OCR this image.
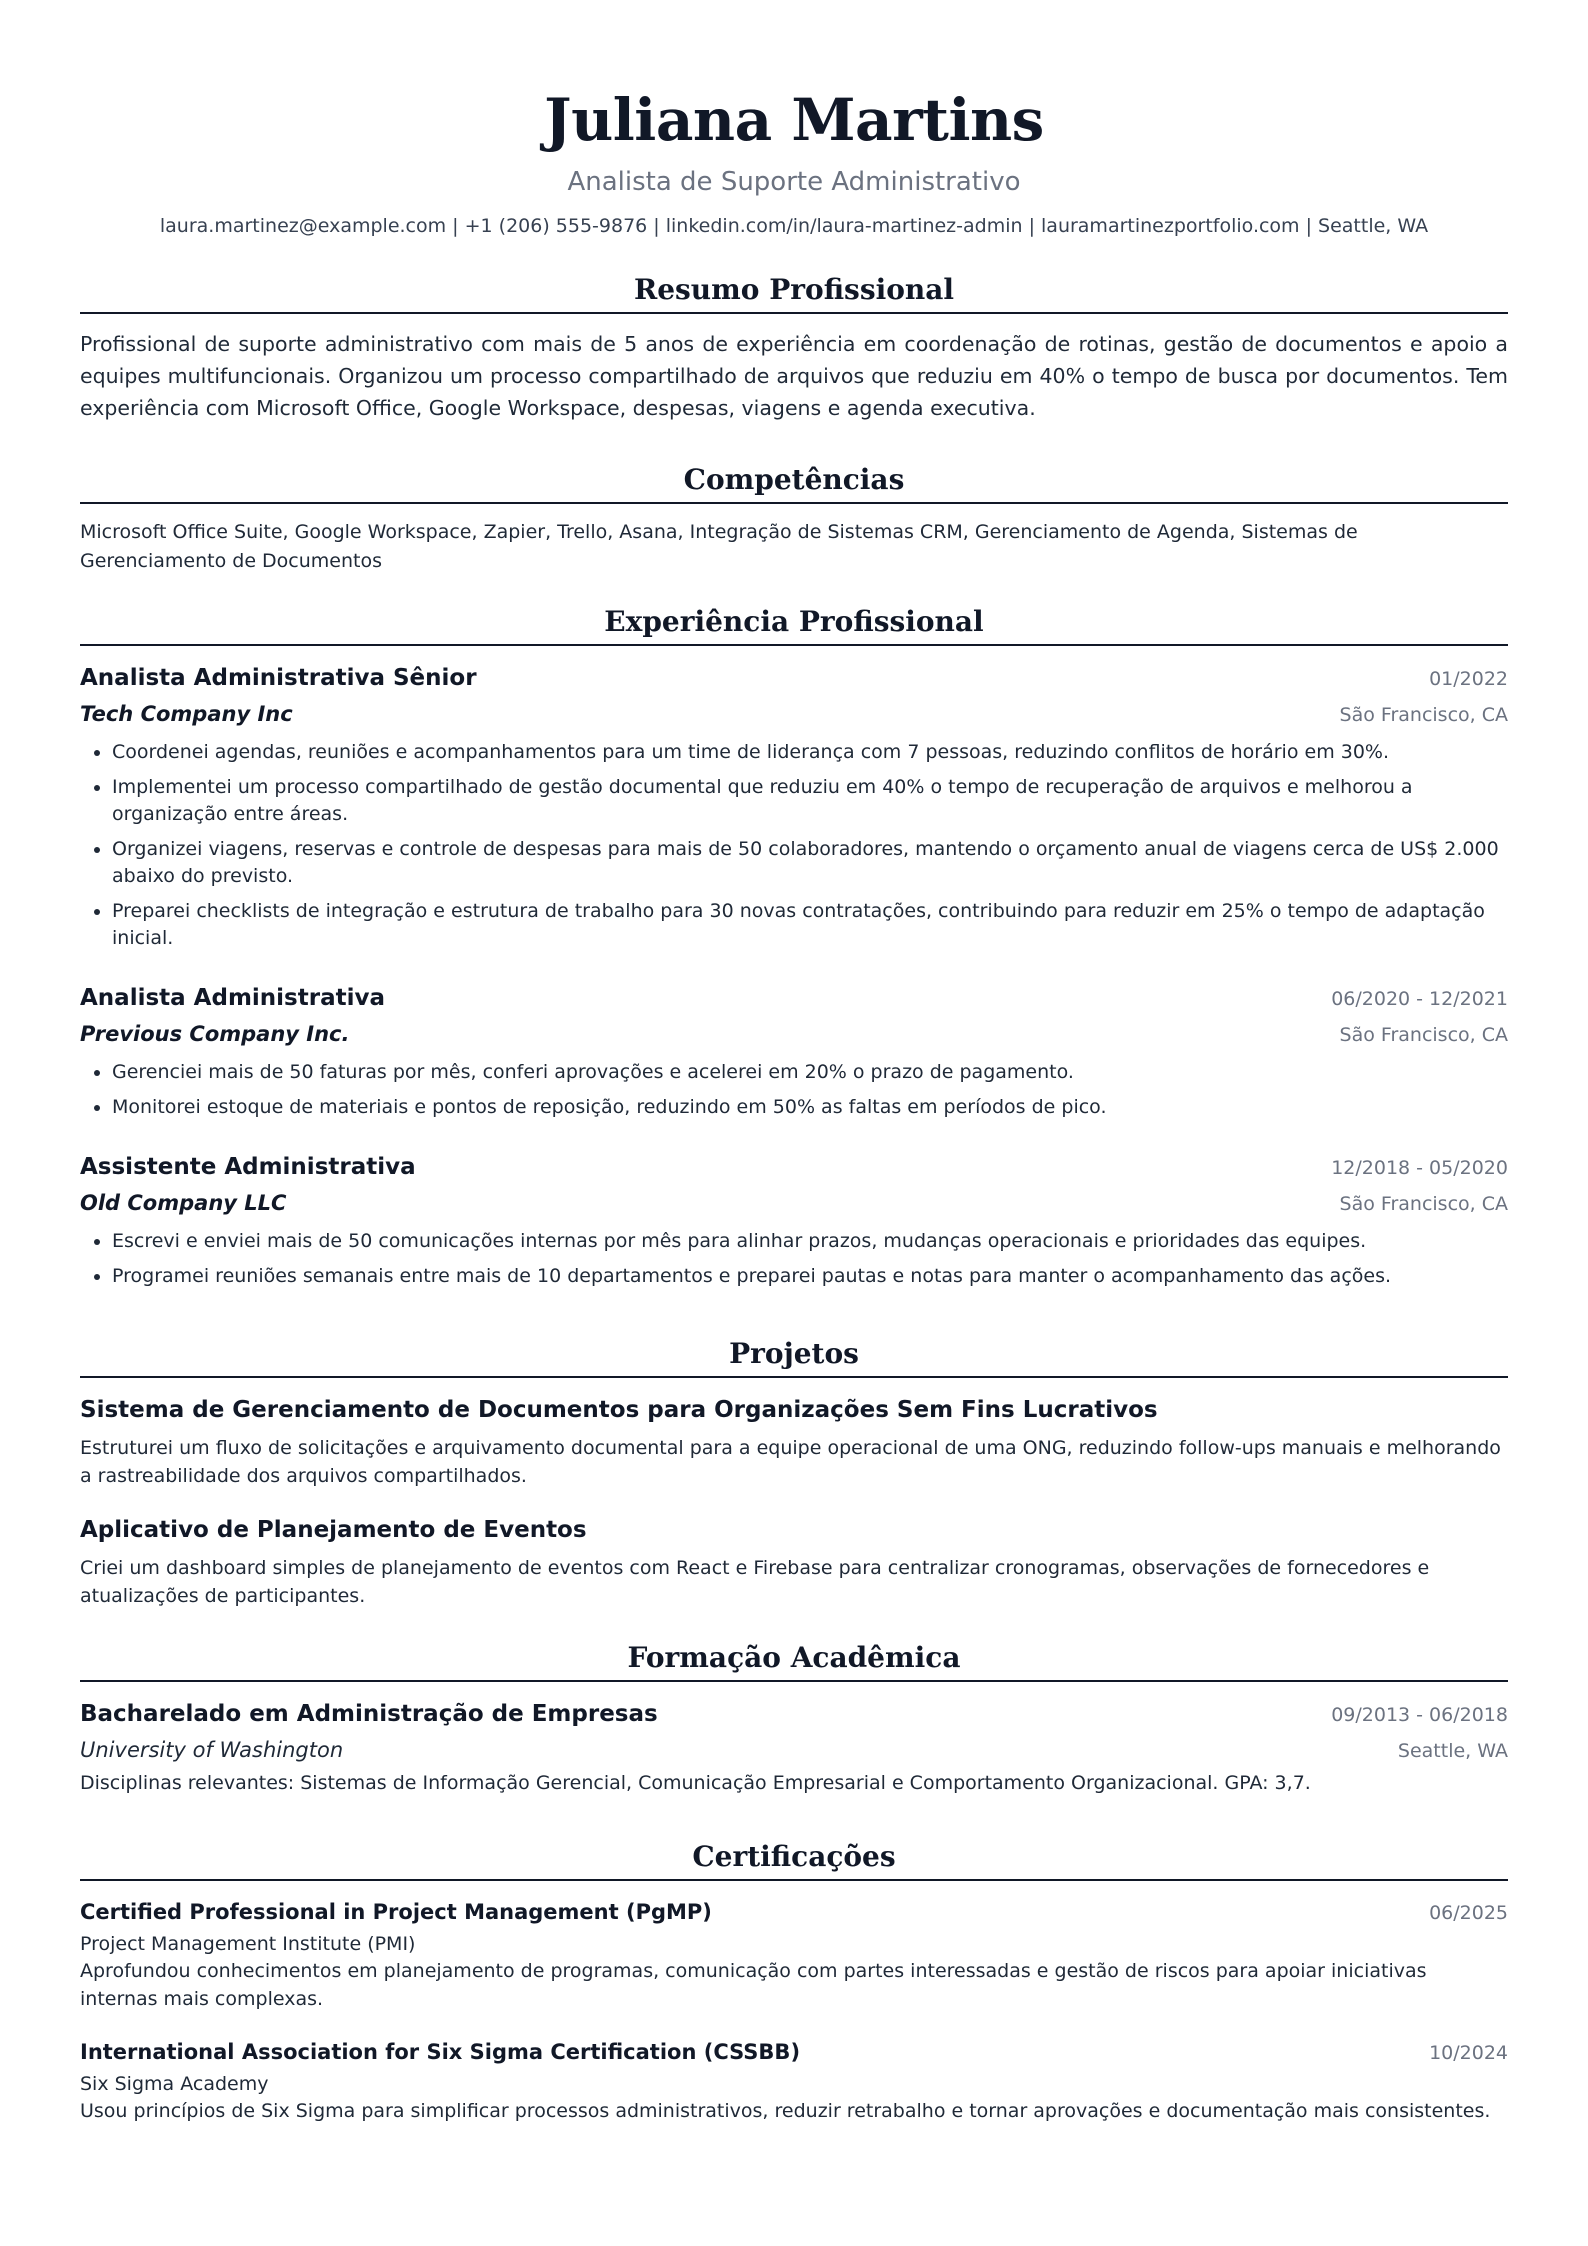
Juliana Martins
Analista de Suporte Administrativo
laura.martinez@example.com | +1 (206) 555-9876 | linkedin.com/in/laura-martinez-admin | lauramartinezportfolio.com | Seattle, WA
Resumo Profissional

Profissional de suporte administrativo com mais de 5 anos de experiência em coordenação de rotinas, gestão de documentos e apoio a equipes multifuncionais. Organizou um processo compartilhado de arquivos que reduziu em 40% o tempo de busca por documentos. Tem experiência com Microsoft Office, Google Workspace, despesas, viagens e agenda executiva.

Competências

Microsoft Office Suite, Google Workspace, Zapier, Trello, Asana, Integração de Sistemas CRM, Gerenciamento de Agenda, Sistemas de Gerenciamento de Documentos

Experiência Profissional
Analista Administrativa Sênior	01/2022
Tech Company Inc	São Francisco, CA
• Coordenei agendas, reuniões e acompanhamentos para um time de liderança com 7 pessoas, reduzindo conflitos de horário em 30%.
• Implementei um processo compartilhado de gestão documental que reduziu em 40% o tempo de recuperação de arquivos e melhorou a organização entre áreas.
• Organizei viagens, reservas e controle de despesas para mais de 50 colaboradores, mantendo o orçamento anual de viagens cerca de US$ 2.000 abaixo do previsto.
• Preparei checklists de integração e estrutura de trabalho para 30 novas contratações, contribuindo para reduzir em 25% o tempo de adaptação inicial.
Analista Administrativa	06/2020 - 12/2021
Previous Company Inc.	São Francisco, CA
• Gerenciei mais de 50 faturas por mês, conferi aprovações e acelerei em 20% o prazo de pagamento.
• Monitorei estoque de materiais e pontos de reposição, reduzindo em 50% as faltas em períodos de pico.
Assistente Administrativa	12/2018 - 05/2020
Old Company LLC	São Francisco, CA
• Escrevi e enviei mais de 50 comunicações internas por mês para alinhar prazos, mudanças operacionais e prioridades das equipes.
• Programei reuniões semanais entre mais de 10 departamentos e preparei pautas e notas para manter o acompanhamento das ações.
Projetos
Sistema de Gerenciamento de Documentos para Organizações Sem Fins Lucrativos
Estruturei um fluxo de solicitações e arquivamento documental para a equipe operacional de uma ONG, reduzindo follow-ups manuais e melhorando a rastreabilidade dos arquivos compartilhados.
Aplicativo de Planejamento de Eventos
Criei um dashboard simples de planejamento de eventos com React e Firebase para centralizar cronogramas, observações de fornecedores e atualizações de participantes.
Formação Acadêmica
Bacharelado em Administração de Empresas	09/2013 - 06/2018
University of Washington	Seattle, WA
Disciplinas relevantes: Sistemas de Informação Gerencial, Comunicação Empresarial e Comportamento Organizacional. GPA: 3,7.
Certificações
Certified Professional in Project Management (PgMP)	06/2025
Project Management Institute (PMI)
Aprofundou conhecimentos em planejamento de programas, comunicação com partes interessadas e gestão de riscos para apoiar iniciativas internas mais complexas.
International Association for Six Sigma Certification (CSSBB)	10/2024
Six Sigma Academy
Usou princípios de Six Sigma para simplificar processos administrativos, reduzir retrabalho e tornar aprovações e documentação mais consistentes.
